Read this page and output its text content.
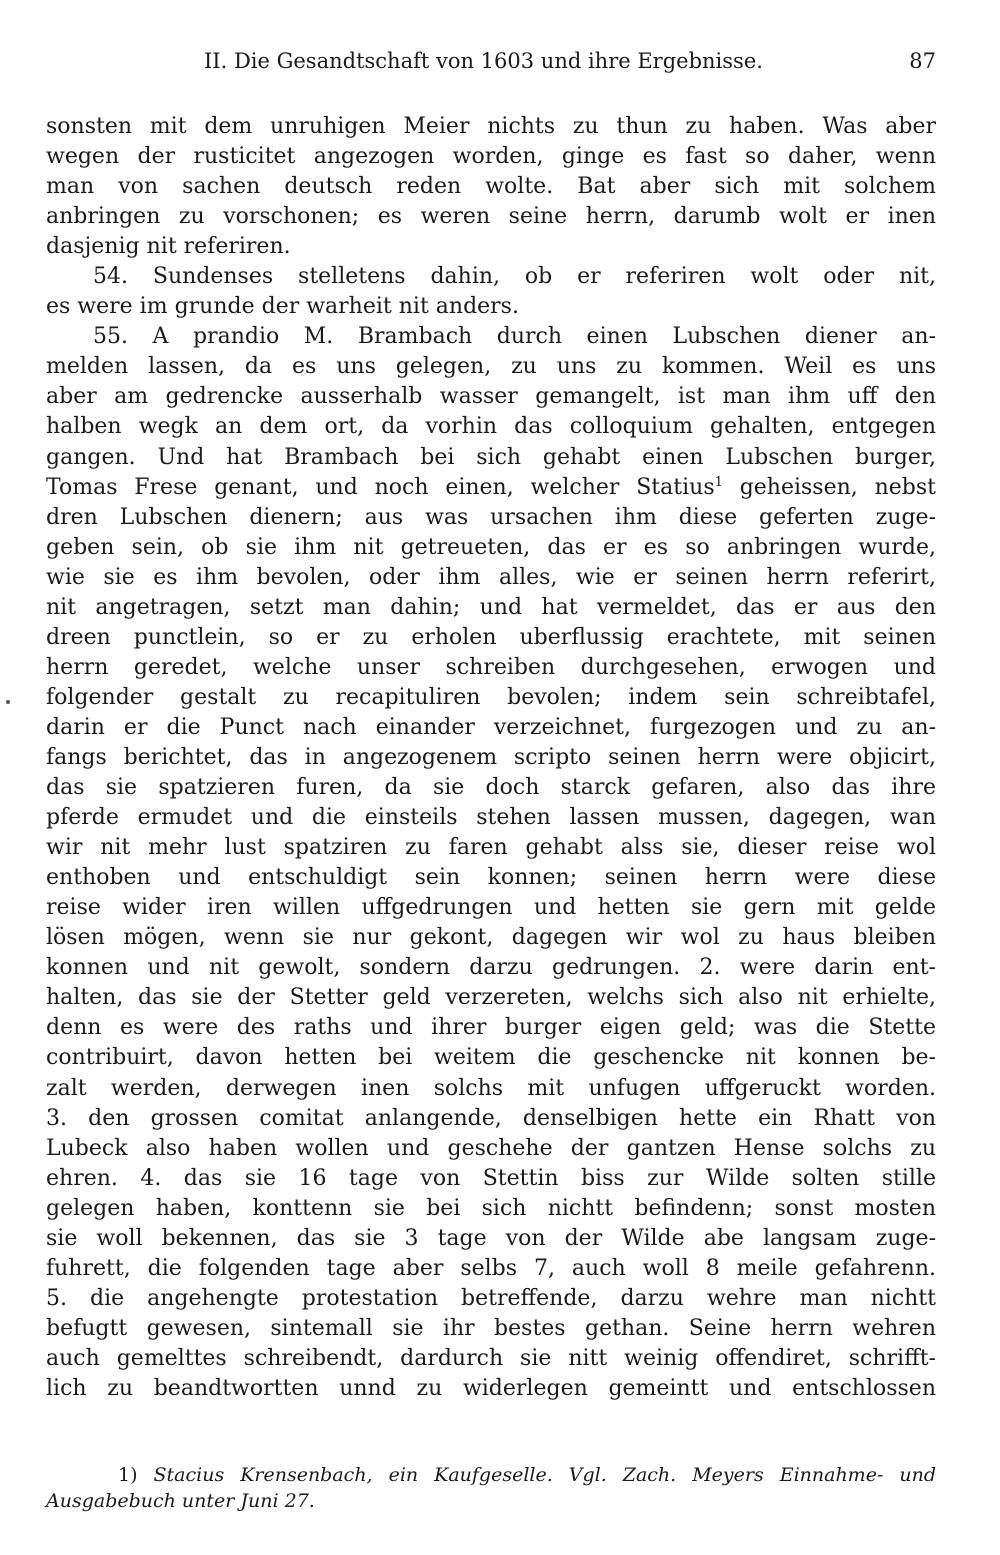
II. Die Gesandtschaft von 1603 und ihre Ergebnisse.	87
sonsten mit dem unruhigen Meier nichts zu thun zu haben. Was aber
wegen der rusticitet angezogen worden, ginge es fast so daher, wenn
man von sachen deutsch reden wolte. Bat aber sich mit solchem
anbringen zu vorschonen; es weren seine herrn, darumb wolt er inen
dasjenig nit referiren.
54. Sundenses stelletens dahin, ob er referiren wolt oder nit,
es were im grunde der warheit nit anders.
55. A prandio M. Brambach durch einen Lubschen diener an-
melden lassen, da es uns gelegen, zu uns zu kommen. Weil es uns
aber am gedrencke ausserhalb wasser gemangelt, ist man ihm uff den
halben wegk an dem ort, da vorhin das colloquium gehalten, entgegen
gangen. Und hat Brambach bei sich gehabt einen Lubschen burger,
Tomas Frese genant, und noch einen, welcher Statius$^1$ geheissen, nebst
dren Lubschen dienern; aus was ursachen ihm diese geferten zuge-
geben sein, ob sie ihm nit getreueten, das er es so anbringen wurde,
wie sie es ihm bevolen, oder ihm alles, wie er seinen herrn referirt,
nit angetragen, setzt man dahin; und hat vermeldet, das er aus den
dreen punctlein, so er zu erholen uberflussig erachtete, mit seinen
herrn geredet, welche unser schreiben durchgesehen, erwogen und
folgender gestalt zu recapituliren bevolen; indem sein schreibtafel,
darin er die Punct nach einander verzeichnet, furgezogen und zu an-
fangs berichtet, das in angezogenem scripto seinen herrn were objicirt,
das sie spatzieren furen, da sie doch starck gefaren, also das ihre
pferde ermudet und die einsteils stehen lassen mussen, dagegen, wan
wir nit mehr lust spatziren zu faren gehabt alss sie, dieser reise wol
enthoben und entschuldigt sein konnen; seinen herrn were diese
reise wider iren willen uffgedrungen und hetten sie gern mit gelde
lösen mögen, wenn sie nur gekont, dagegen wir wol zu haus bleiben
konnen und nit gewolt, sondern darzu gedrungen. 2. were darin ent-
halten, das sie der Stetter geld verzereten, welchs sich also nit erhielte,
denn es were des raths und ihrer burger eigen geld; was die Stette
contribuirt, davon hetten bei weitem die geschencke nit konnen be-
zalt werden, derwegen inen solchs mit unfugen uffgeruckt worden.
3. den grossen comitat anlangende, denselbigen hette ein Rhatt von
Lubeck also haben wollen und geschehe der gantzen Hense solchs zu
ehren. 4. das sie 16 tage von Stettin biss zur Wilde solten stille
gelegen haben, konttenn sie bei sich nichtt befindenn; sonst mosten
sie woll bekennen, das sie 3 tage von der Wilde abe langsam zuge-
fuhrett, die folgenden tage aber selbs 7, auch woll 8 meile gefahrenn.
5. die angehengte protestation betreffende, darzu wehre man nichtt
befugtt gewesen, sintemall sie ihr bestes gethan. Seine herrn wehren
auch gemelttes schreibendt, dardurch sie nitt weinig offendiret, schrifft-
lich zu beandtwortten unnd zu widerlegen gemeintt und entschlossen
1) Stacius Krensenbach, ein Kaufgeselle. Vgl. Zach. Meyers Einnahme- und
Ausgabebuch unter Juni 27.
